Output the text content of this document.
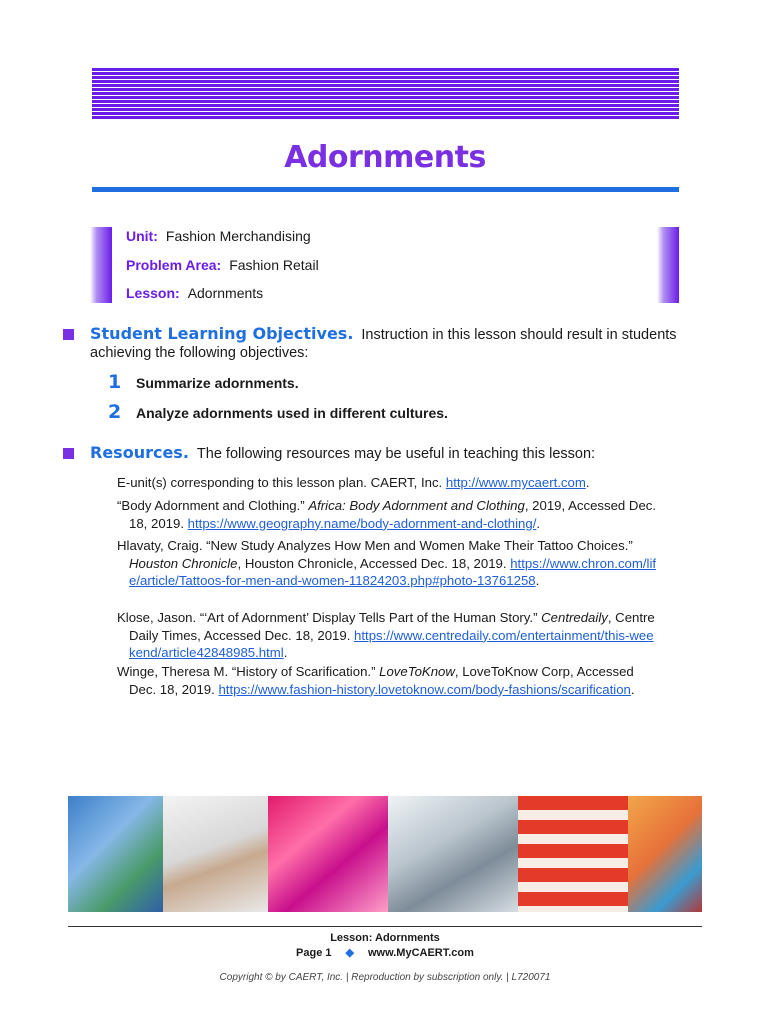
Adornments
Unit: Fashion Merchandising
Problem Area: Fashion Retail
Lesson: Adornments
Student Learning Objectives. Instruction in this lesson should result in students
achieving the following objectives:
1 Summarize adornments.
2 Analyze adornments used in different cultures.
Resources. The following resources may be useful in teaching this lesson:
E-unit(s) corresponding to this lesson plan. CAERT, Inc. http://www.mycaert.com.
“Body Adornment and Clothing.” Africa: Body Adornment and Clothing, 2019, Accessed Dec. 18, 2019. https://www.geography.name/body-adornment-and-clothing/.
Hlavaty, Craig. “New Study Analyzes How Men and Women Make Their Tattoo Choices.” Houston Chronicle, Houston Chronicle, Accessed Dec. 18, 2019. https://www.chron.com/life/article/Tattoos-for-men-and-women-11824203.php#photo-13761258.
Klose, Jason. “‘Art of Adornment’ Display Tells Part of the Human Story.” Centredaily, Centre Daily Times, Accessed Dec. 18, 2019. https://www.centredaily.com/entertainment/this-weekend/article42848985.html.
Winge, Theresa M. “History of Scarification.” LoveToKnow, LoveToKnow Corp, Accessed Dec. 18, 2019. https://www.fashion-history.lovetoknow.com/body-fashions/scarification.
Lesson: Adornments
Page 1 ◆ www.MyCAERT.com
Copyright © by CAERT, Inc. | Reproduction by subscription only. | L720071
